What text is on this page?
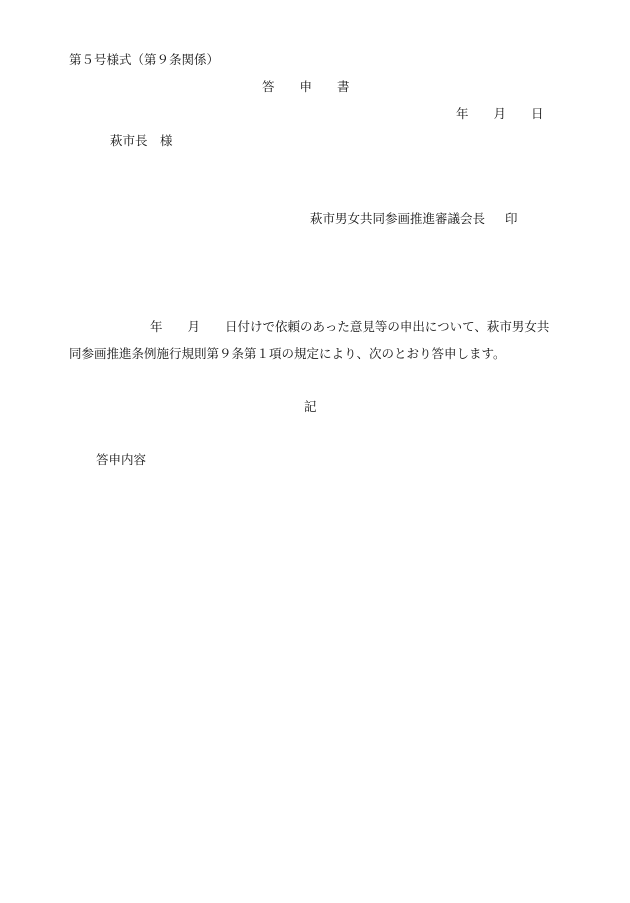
第５号様式（第９条関係）
答　　申　　書
年　　月　　日
萩市長　様
萩市男女共同参画推進審議会長 印
年　　月　　日付けで依頼のあった意見等の申出について、萩市男女共
同参画推進条例施行規則第９条第１項の規定により、次のとおり答申します。
記
答申内容
